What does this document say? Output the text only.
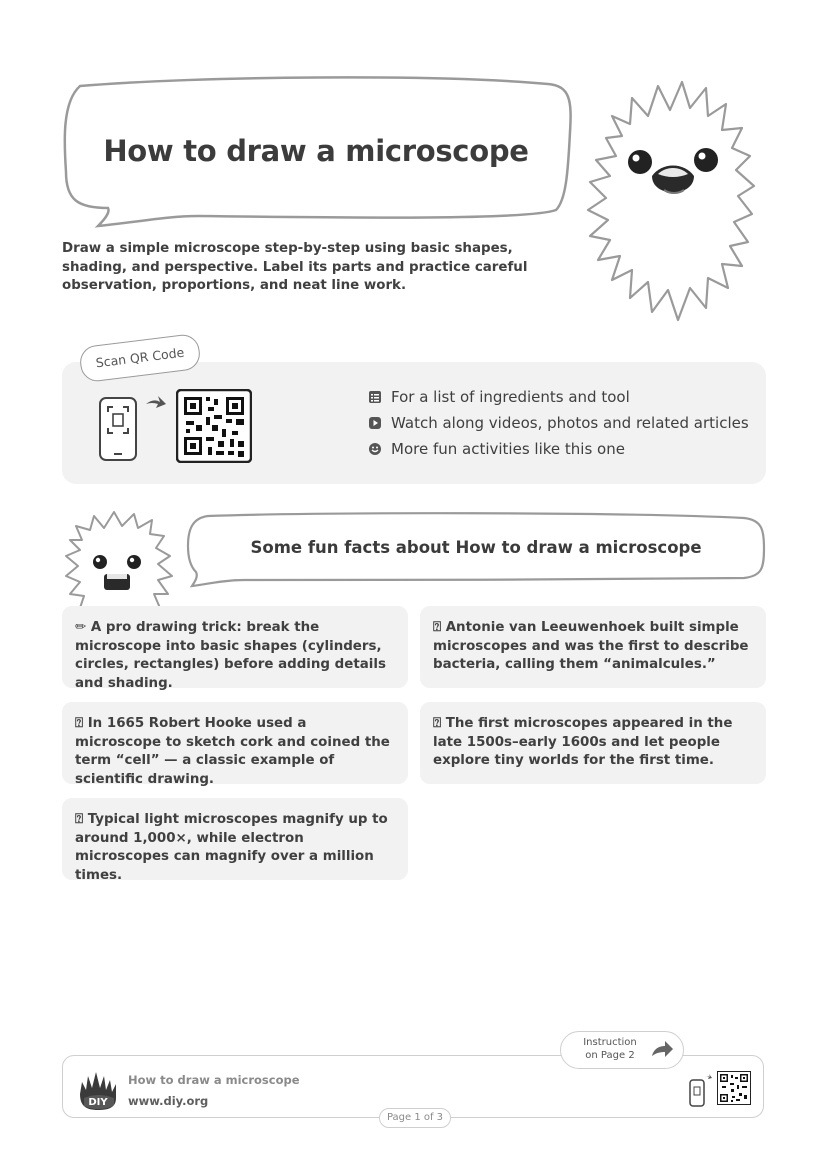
How to draw a microscope
Draw a simple microscope step-by-step using basic shapes, shading, and perspective. Label its parts and practice careful observation, proportions, and neat line work.
Scan QR Code
For a list of ingredients and tool
Watch along videos, photos and related articles
More fun activities like this one
Some fun facts about How to draw a microscope
✏ A pro drawing trick: break the microscope into basic shapes (cylinders, circles, rectangles) before adding details and shading.
⍰ Antonie van Leeuwenhoek built simple microscopes and was the first to describe bacteria, calling them “animalcules.”
⍰ In 1665 Robert Hooke used a microscope to sketch cork and coined the term “cell” — a classic example of scientific drawing.
⍰ The first microscopes appeared in the late 1500s–early 1600s and let people explore tiny worlds for the first time.
⍰ Typical light microscopes magnify up to around 1,000×, while electron microscopes can magnify over a million times.
Instruction
on Page 2
DIY
How to draw a microscope
www.diy.org
Page 1 of 3
